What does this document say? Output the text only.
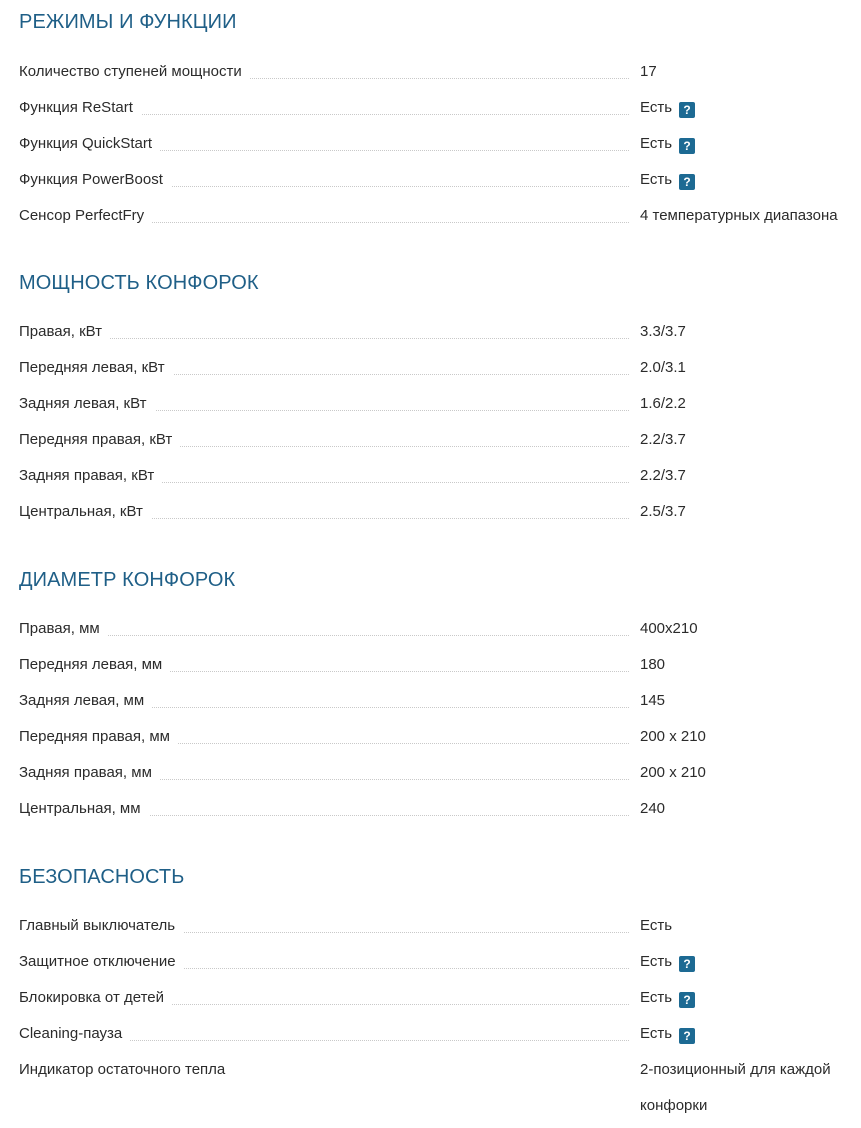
РЕЖИМЫ И ФУНКЦИИ
Количество ступеней мощности	17
Функция ReStart	Есть ?
Функция QuickStart	Есть ?
Функция PowerBoost	Есть ?
Сенсор PerfectFry	4 температурных диапазона
МОЩНОСТЬ КОНФОРОК
Правая, кВт	3.3/3.7
Передняя левая, кВт	2.0/3.1
Задняя левая, кВт	1.6/2.2
Передняя правая, кВт	2.2/3.7
Задняя правая, кВт	2.2/3.7
Центральная, кВт	2.5/3.7
ДИАМЕТР КОНФОРОК
Правая, мм	400x210
Передняя левая, мм	180
Задняя левая, мм	145
Передняя правая, мм	200 x 210
Задняя правая, мм	200 x 210
Центральная, мм	240
БЕЗОПАСНОСТЬ
Главный выключатель	Есть
Защитное отключение	Есть ?
Блокировка от детей	Есть ?
Cleaning-пауза	Есть ?
Индикатор остаточного тепла	2-позиционный для каждой конфорки
